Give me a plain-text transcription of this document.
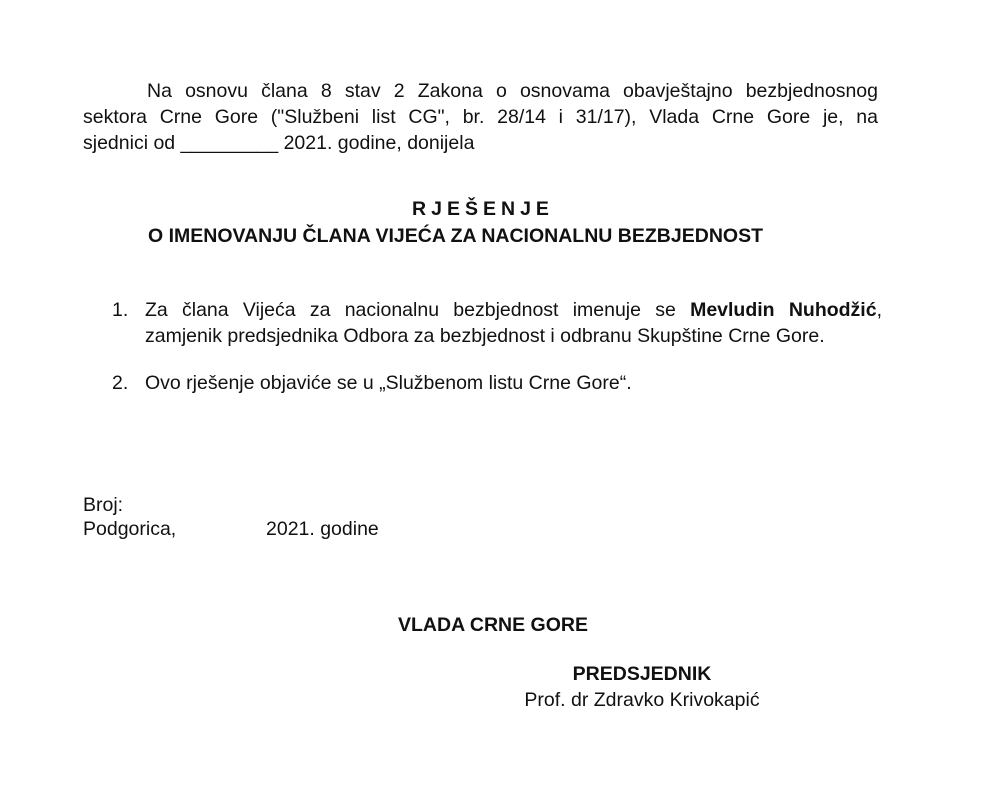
Na osnovu člana 8 stav 2 Zakona o osnovama obavještajno bezbjednosnog
sektora Crne Gore ("Službeni list CG", br. 28/14 i 31/17), Vlada Crne Gore je, na
sjednici od _________ 2021. godine, donijela
RJEŠENJE
O IMENOVANJU ČLANA VIJEĆA ZA NACIONALNU BEZBJEDNOST
1. Za člana Vijeća za nacionalnu bezbjednost imenuje se Mevludin Nuhodžić,
zamjenik predsjednika Odbora za bezbjednost i odbranu Skupštine Crne Gore.
2. Ovo rješenje objaviće se u „Službenom listu Crne Gore“.
Broj:
Podgorica,	2021. godine
VLADA CRNE GORE
PREDSJEDNIK
Prof. dr Zdravko Krivokapić
